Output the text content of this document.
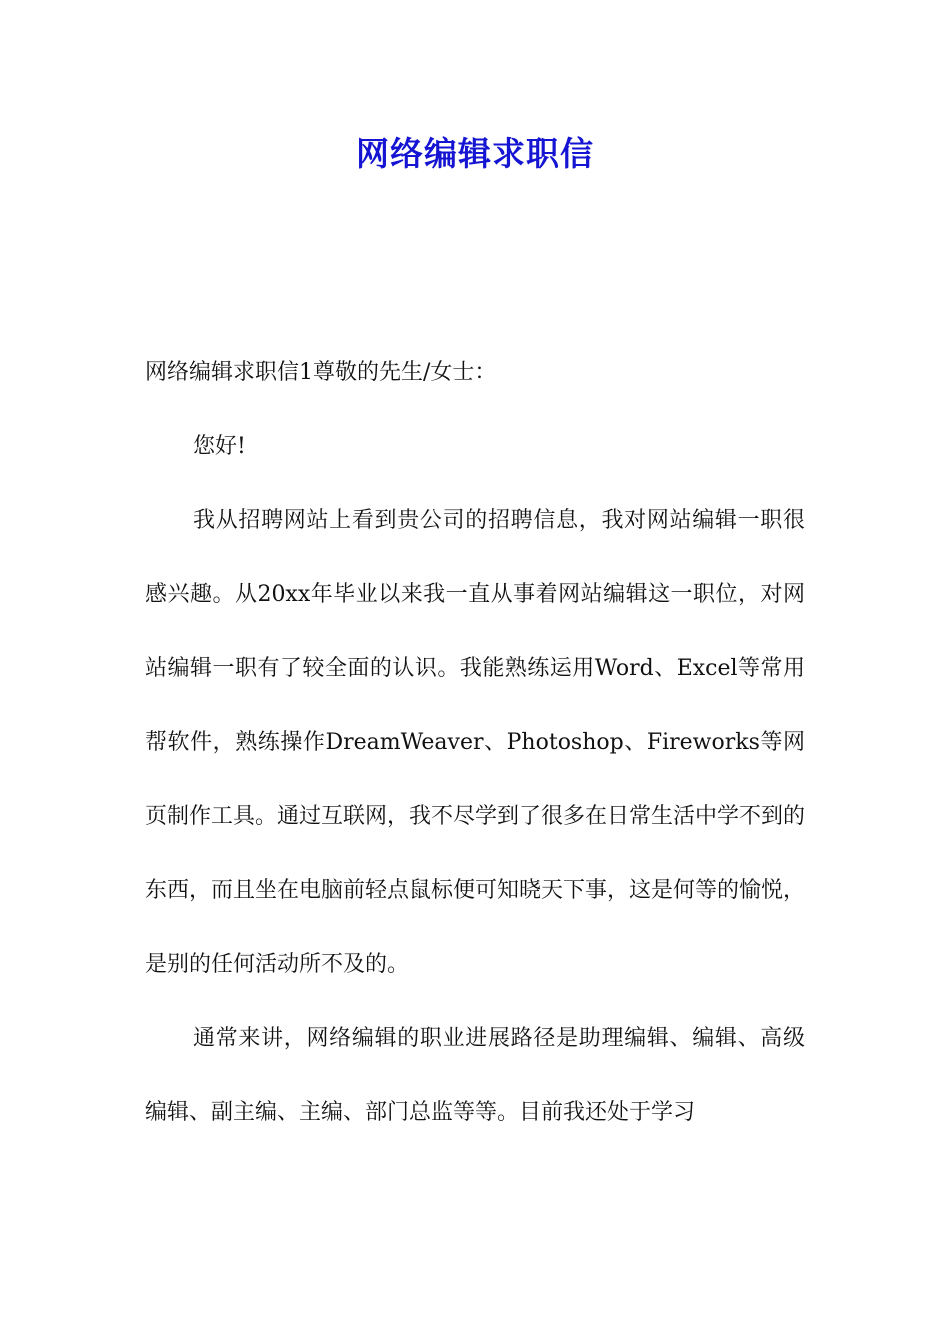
网络编辑求职信

网络编辑求职信1尊敬的先生/女士：

您好!

我从招聘网站上看到贵公司的招聘信息，我对网站编辑一职很感兴趣。从20xx年毕业以来我一直从事着网站编辑这一职位，对网站编辑一职有了较全面的认识。我能熟练运用Word、Excel等常用帮软件，熟练操作DreamWeaver、Photoshop、Fireworks等网页制作工具。通过互联网，我不尽学到了很多在日常生活中学不到的东西，而且坐在电脑前轻点鼠标便可知晓天下事，这是何等的愉悦，是别的任何活动所不及的。

通常来讲，网络编辑的职业进展路径是助理编辑、编辑、高级编辑、副主编、主编、部门总监等等。目前我还处于学习
